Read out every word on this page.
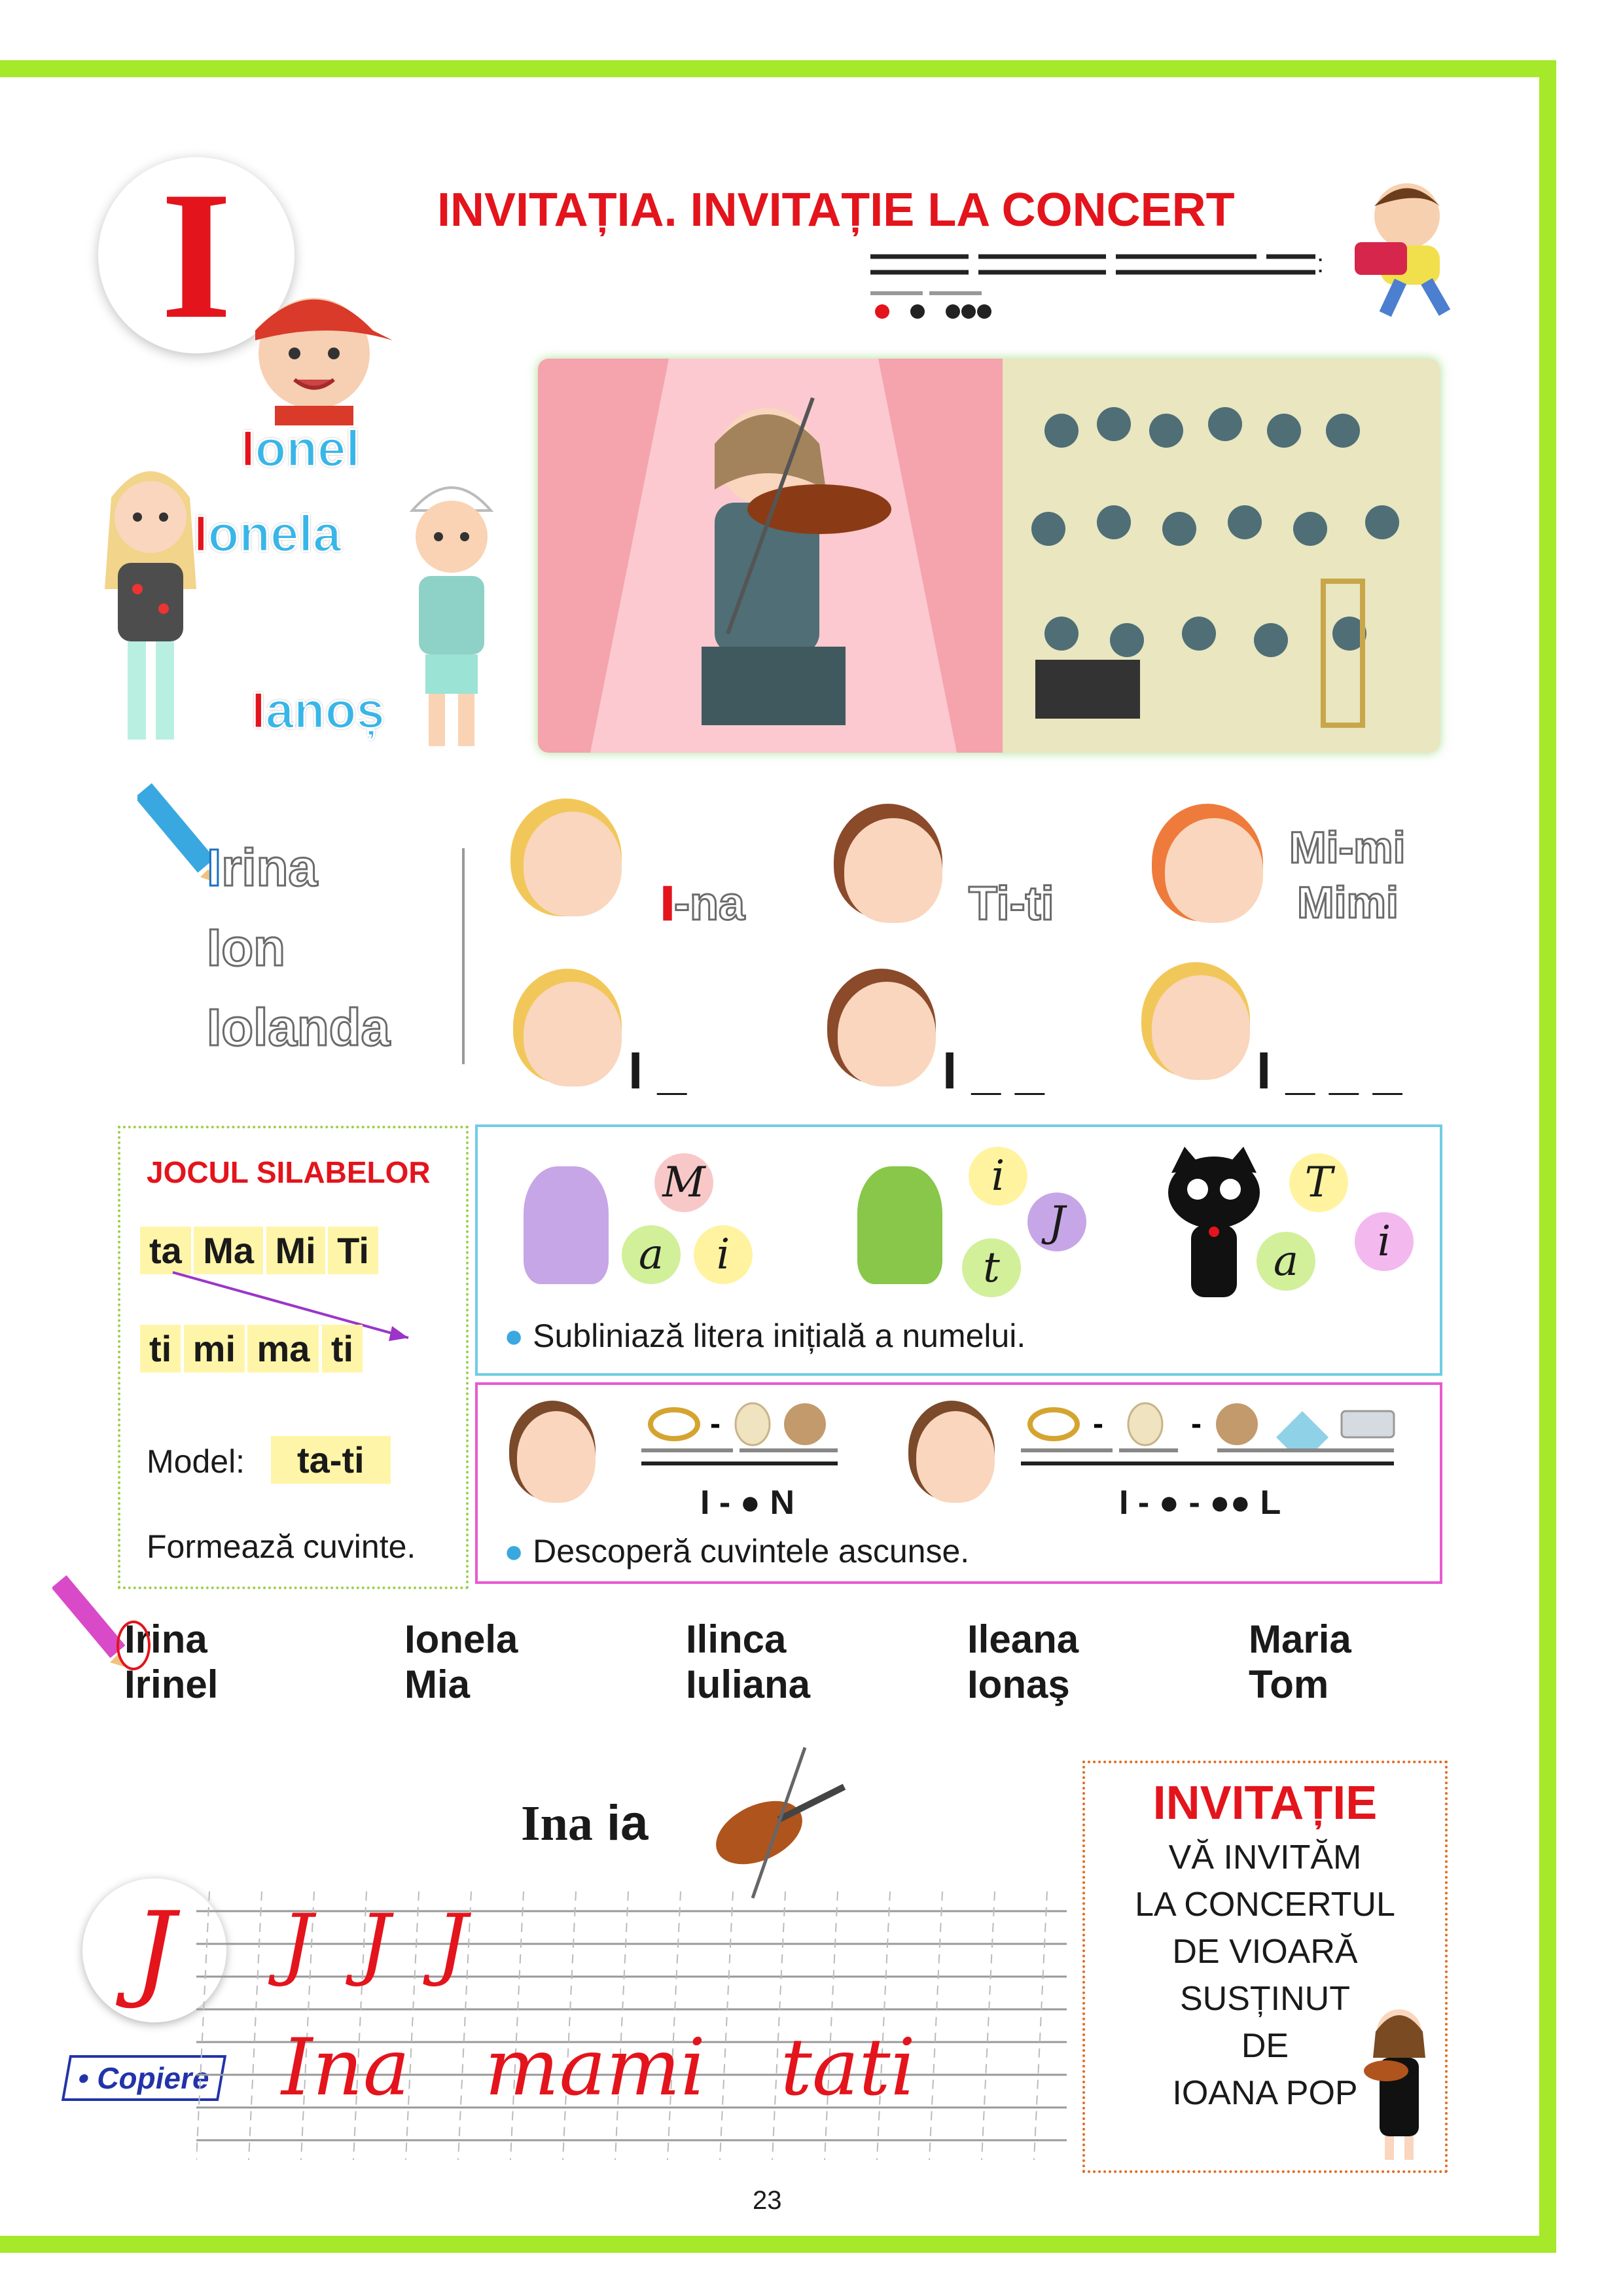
I	INVITAȚIA. INVITAȚIE LA CONCERT
:
Ionel
Ionela
Ianoș
Irina
Ion
Iolanda
I-na	Ti-ti
Mi-mi
Mimi
I _	I _ _	I _ _ _
JOCUL SILABELOR
ta Ma Mi Ti
ti mi ma ti
Model:	ta-ti
Formează cuvinte.
M
a	i
i
J
t
T
a	i
● Subliniază litera inițială a numelui.
-
I - ● N
-	-
I - ● - ●● L
● Descoperă cuvintele ascunse.
Irina
Irinel
Ionela
Mia
Ilinca
Iuliana
Ileana
Ionaş
Maria
Tom
Ina ia
J
• Copiere
J J J
Ina   mami   tati
INVITAȚIE
VĂ INVITĂM
LA CONCERTUL
DE VIOARĂ
SUSȚINUT
DE
IOANA POP
23
